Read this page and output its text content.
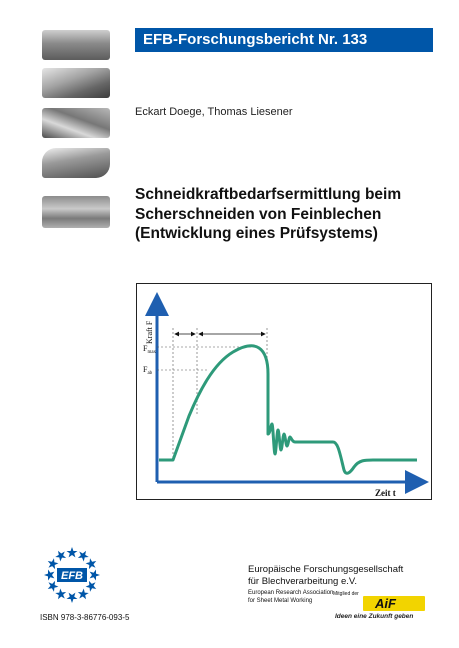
EFB-Forschungsbericht Nr. 133
Eckart Doege, Thomas Liesener
Schneidkraftbedarfsermittlung beim
Scherschneiden von Feinblechen
(Entwicklung eines Prüfsystems)
Kraft F
Zeit t
$F_{max}$
$F_{ab}$
EFB
ISBN 978-3-86776-093-5
Europäische Forschungsgesellschaft
für Blechverarbeitung e.V.
European Research Association
for Sheet Metal Working
Mitglied der
AiF
Ideen eine Zukunft geben
